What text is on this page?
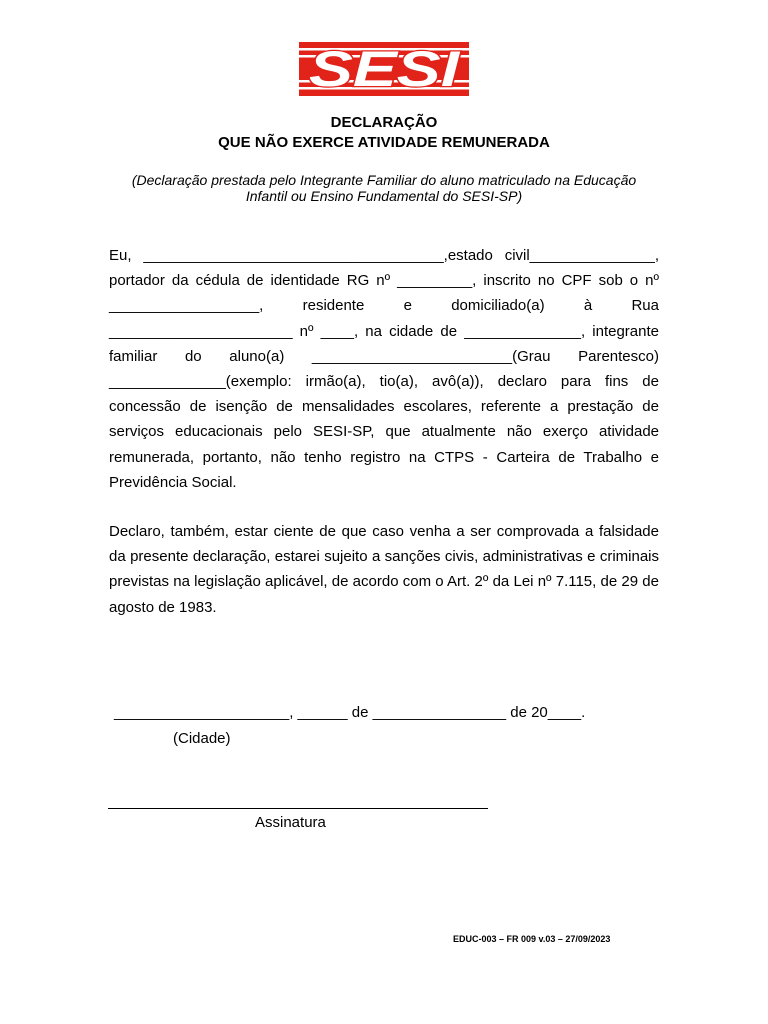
SESI
DECLARAÇÃO
QUE NÃO EXERCE ATIVIDADE REMUNERADA
(Declaração prestada pelo Integrante Familiar do aluno matriculado na Educação Infantil ou Ensino Fundamental do SESI-SP)

Eu, ____________________________________,estado civil_______________, portador da cédula de identidade RG nº _________, inscrito no CPF sob o nº __________________, residente e domiciliado(a) à Rua ______________________ nº ____, na cidade de ______________, integrante familiar do aluno(a) ________________________(Grau Parentesco) ______________(exemplo: irmão(a), tio(a), avô(a)), declaro para fins de concessão de isenção de mensalidades escolares, referente a prestação de serviços educacionais pelo SESI-SP, que atualmente não exerço atividade remunerada, portanto, não tenho registro na CTPS - Carteira de Trabalho e Previdência Social.

Declaro, também, estar ciente de que caso venha a ser comprovada a falsidade da presente declaração, estarei sujeito a sanções civis, administrativas e criminais previstas na legislação aplicável, de acordo com o Art. 2º da Lei nº 7.115, de 29 de agosto de 1983.

_____________________, ______ de ________________ de 20____.
(Cidade)
Assinatura
EDUC-003 – FR 009 v.03 – 27/09/2023
